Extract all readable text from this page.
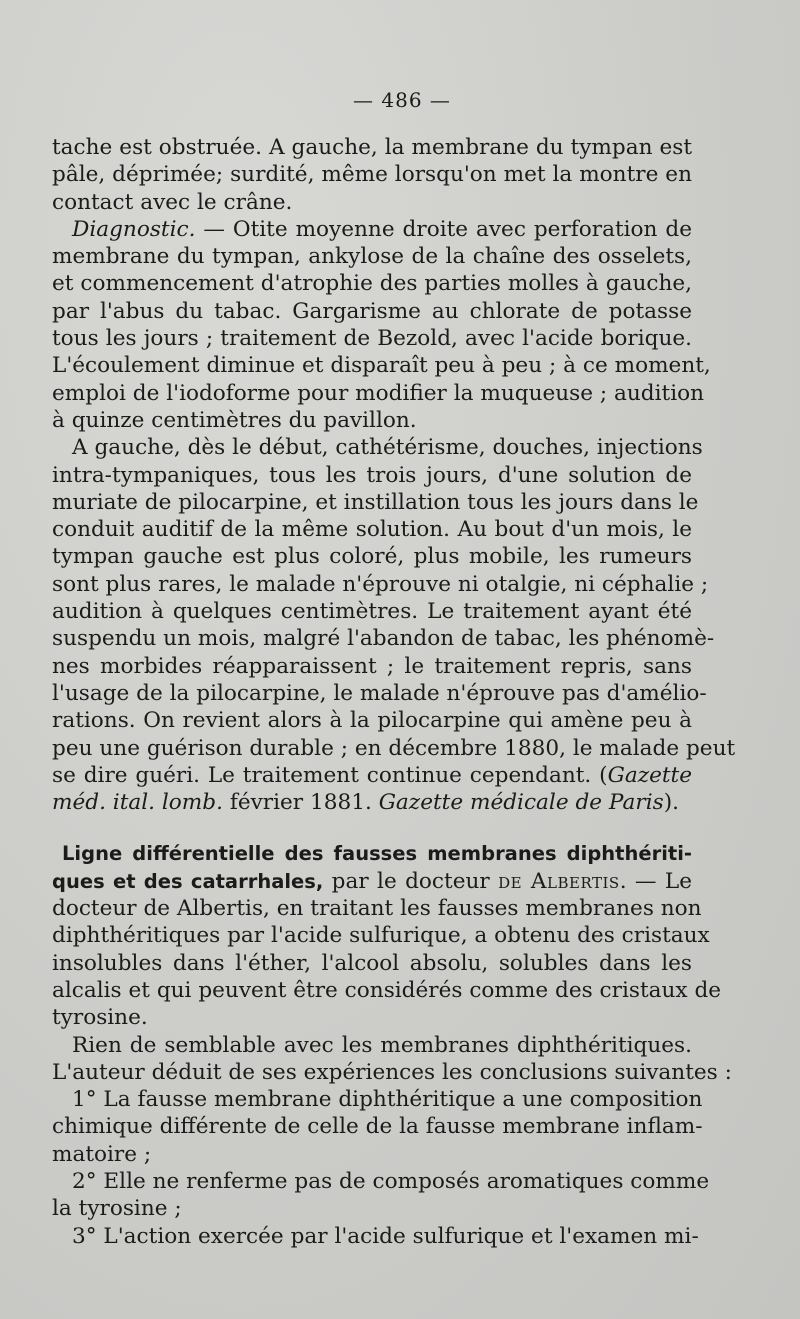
— 486 —
tache est obstruée. A gauche, la membrane du tympan est
pâle, déprimée; surdité, même lorsqu'on met la montre en
contact avec le crâne.
Diagnostic. — Otite moyenne droite avec perforation de
membrane du tympan, ankylose de la chaîne des osselets,
et commencement d'atrophie des parties molles à gauche,
par l'abus du tabac. Gargarisme au chlorate de potasse
tous les jours ; traitement de Bezold, avec l'acide borique.
L'écoulement diminue et disparaît peu à peu ; à ce moment,
emploi de l'iodoforme pour modifier la muqueuse ; audition
à quinze centimètres du pavillon.
A gauche, dès le début, cathétérisme, douches, injections
intra-tympaniques, tous les trois jours, d'une solution de
muriate de pilocarpine, et instillation tous les jours dans le
conduit auditif de la même solution. Au bout d'un mois, le
tympan gauche est plus coloré, plus mobile, les rumeurs
sont plus rares, le malade n'éprouve ni otalgie, ni céphalie ;
audition à quelques centimètres. Le traitement ayant été
suspendu un mois, malgré l'abandon de tabac, les phénomè-
nes morbides réapparaissent ; le traitement repris, sans
l'usage de la pilocarpine, le malade n'éprouve pas d'amélio-
rations. On revient alors à la pilocarpine qui amène peu à
peu une guérison durable ; en décembre 1880, le malade peut
se dire guéri. Le traitement continue cependant. (Gazette
méd. ital. lomb. février 1881. Gazette médicale de Paris).
Ligne différentielle des fausses membranes diphthériti-
ques et des catarrhales, par le docteur de Albertis. — Le
docteur de Albertis, en traitant les fausses membranes non
diphthéritiques par l'acide sulfurique, a obtenu des cristaux
insolubles dans l'éther, l'alcool absolu, solubles dans les
alcalis et qui peuvent être considérés comme des cristaux de
tyrosine.
Rien de semblable avec les membranes diphthéritiques.
L'auteur déduit de ses expériences les conclusions suivantes :
1° La fausse membrane diphthéritique a une composition
chimique différente de celle de la fausse membrane inflam-
matoire ;
2° Elle ne renferme pas de composés aromatiques comme
la tyrosine ;
3° L'action exercée par l'acide sulfurique et l'examen mi-
